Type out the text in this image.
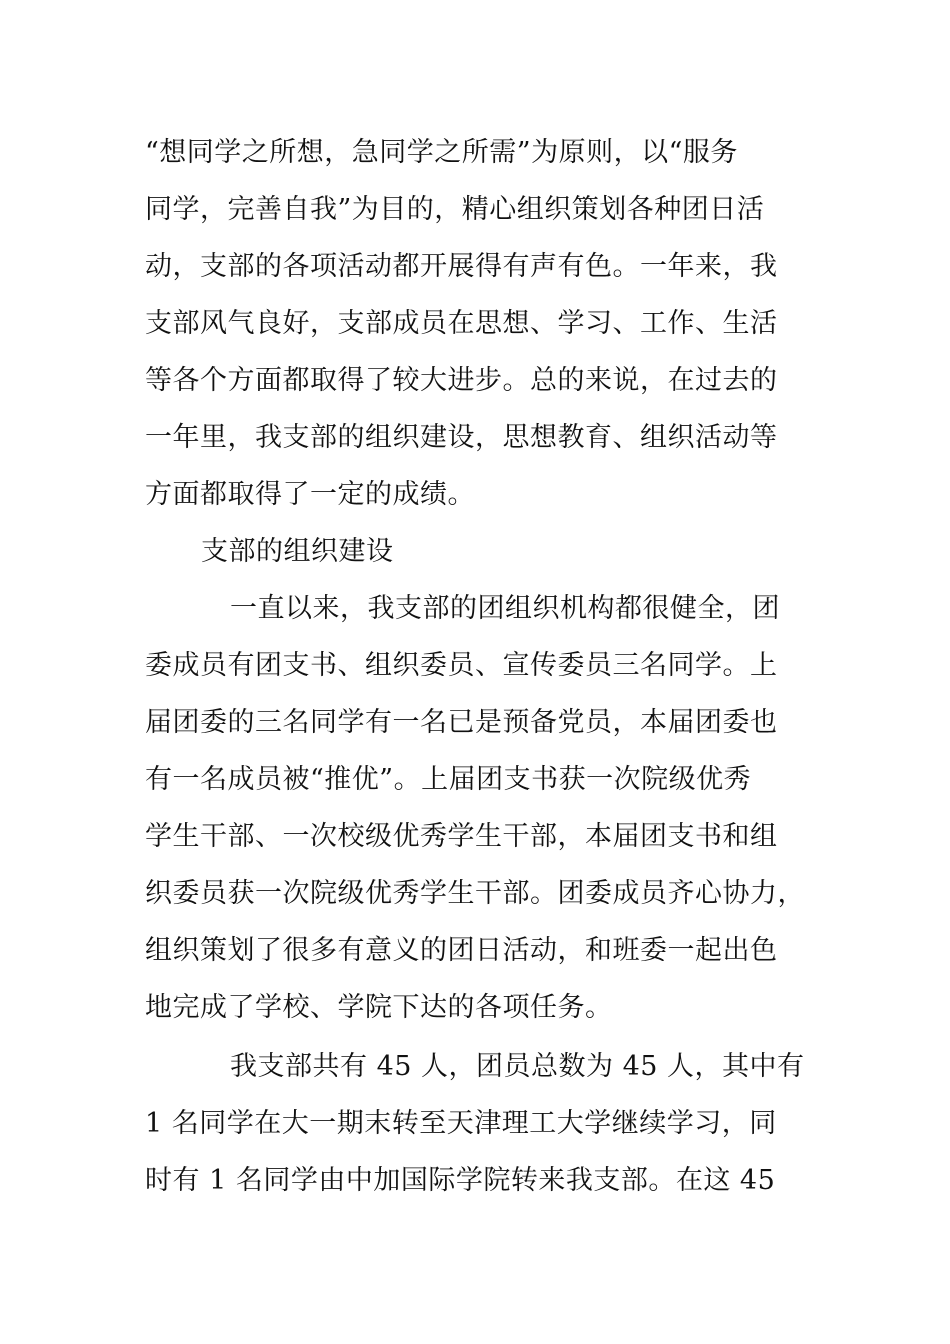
“想同学之所想，急同学之所需”为原则，以“服务
同学，完善自我”为目的，精心组织策划各种团日活
动，支部的各项活动都开展得有声有色。一年来，我
支部风气良好，支部成员在思想、学习、工作、生活
等各个方面都取得了较大进步。总的来说，在过去的
一年里，我支部的组织建设，思想教育、组织活动等
方面都取得了一定的成绩。
支部的组织建设
一直以来，我支部的团组织机构都很健全，团
委成员有团支书、组织委员、宣传委员三名同学。上
届团委的三名同学有一名已是预备党员，本届团委也
有一名成员被“推优”。上届团支书获一次院级优秀
学生干部、一次校级优秀学生干部，本届团支书和组
织委员获一次院级优秀学生干部。团委成员齐心协力，
组织策划了很多有意义的团日活动，和班委一起出色
地完成了学校、学院下达的各项任务。
我支部共有 45 人，团员总数为 45 人，其中有
1 名同学在大一期末转至天津理工大学继续学习，同
时有 1 名同学由中加国际学院转来我支部。在这 45
